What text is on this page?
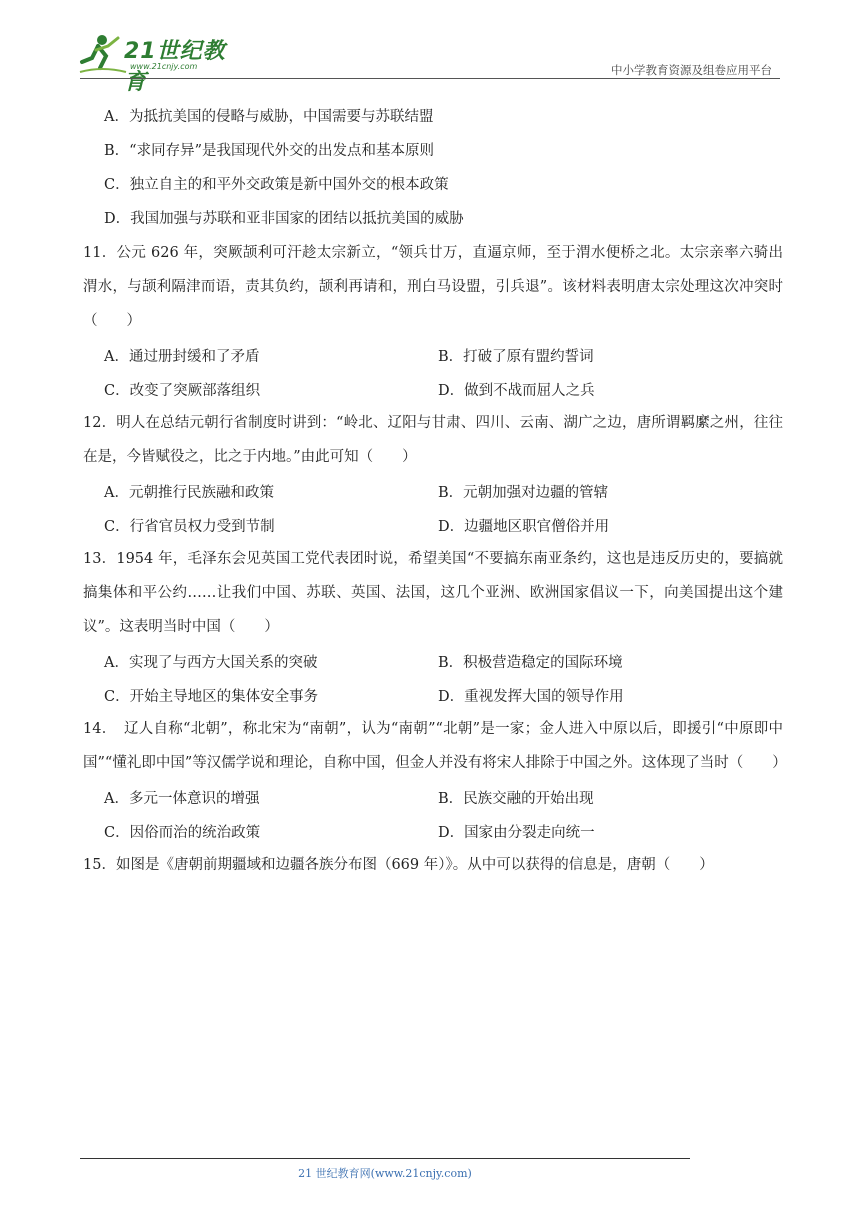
21世纪教育
www.21cnjy.com	中小学教育资源及组卷应用平台
A．为抵抗美国的侵略与威胁，中国需要与苏联结盟
B．“求同存异”是我国现代外交的出发点和基本原则
C．独立自主的和平外交政策是新中国外交的根本政策
D．我国加强与苏联和亚非国家的团结以抵抗美国的威胁
11．公元 626 年，突厥颉利可汗趁太宗新立，“领兵廿万，直逼京师，至于渭水便桥之北。太宗亲率六骑出渭水，与颉利隔津而语，责其负约，颉利再请和，刑白马设盟，引兵退”。该材料表明唐太宗处理这次冲突时（　　）
A．通过册封缓和了矛盾	B．打破了原有盟约誓词
C．改变了突厥部落组织	D．做到不战而屈人之兵
12．明人在总结元朝行省制度时讲到：“岭北、辽阳与甘肃、四川、云南、湖广之边，唐所谓羁縻之州，往往在是，今皆赋役之，比之于内地。”由此可知（　　）
A．元朝推行民族融和政策	B．元朝加强对边疆的管辖
C．行省官员权力受到节制	D．边疆地区职官僧俗并用
13．1954 年，毛泽东会见英国工党代表团时说，希望美国“不要搞东南亚条约，这也是违反历史的，要搞就搞集体和平公约……让我们中国、苏联、英国、法国，这几个亚洲、欧洲国家倡议一下，向美国提出这个建议”。这表明当时中国（　　）
A．实现了与西方大国关系的突破	B．积极营造稳定的国际环境
C．开始主导地区的集体安全事务	D．重视发挥大国的领导作用
14．　辽人自称“北朝”，称北宋为“南朝”，认为“南朝”“北朝”是一家；金人进入中原以后，即援引“中原即中国”“懂礼即中国”等汉儒学说和理论，自称中国，但金人并没有将宋人排除于中国之外。这体现了当时（　　）
A．多元一体意识的增强	B．民族交融的开始出现
C．因俗而治的统治政策	D．国家由分裂走向统一
15．如图是《唐朝前期疆域和边疆各族分布图（669 年）》。从中可以获得的信息是，唐朝（　　）
21 世纪教育网(www.21cnjy.com)
